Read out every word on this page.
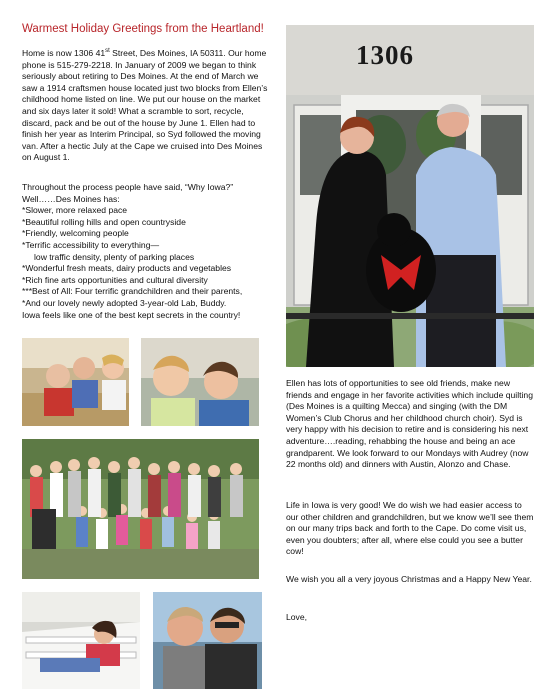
Warmest Holiday Greetings from the Heartland!

Home is now 1306 41st Street, Des Moines, IA 50311. Our home phone is 515-279-2218. In January of 2009 we began to think seriously about retiring to Des Moines. At the end of March we saw a 1914 craftsmen house located just two blocks from Ellen’s childhood home listed on line. We put our house on the market and six days later it sold! What a scramble to sort, recycle, discard, pack and be out of the house by June 1. Ellen had to finish her year as Interim Principal, so Syd followed the moving van. After a hectic July at the Cape we cruised into Des Moines on August 1.

Throughout the process people have said, “Why Iowa?”
Well……Des Moines has:
*Slower, more relaxed pace
*Beautiful rolling hills and open countryside
*Friendly, welcoming people
*Terrific accessibility to everything—
low traffic density, plenty of parking places
*Wonderful fresh meats, dairy products and vegetables
*Rich fine arts opportunities and cultural diversity
***Best of All: Four terrific grandchildren and their parents,
*And our lovely newly adopted 3-year-old Lab, Buddy.
Iowa feels like one of the best kept secrets in the country!
1306
Ellen has lots of opportunities to see old friends, make new friends and engage in her favorite activities which include quilting (Des Moines is a quilting Mecca) and singing (with the DM Women’s Club Chorus and her childhood church choir). Syd is very happy with his decision to retire and is considering his next adventure….reading, rehabbing the house and being an ace grandparent. We look forward to our Mondays with Audrey (now 22 months old) and dinners with Austin, Alonzo and Chase.
Life in Iowa is very good! We do wish we had easier access to our other children and grandchildren, but we know we’ll see them on our many trips back and forth to the Cape. Do come visit us, even you doubters; after all, where else could you see a butter cow!
We wish you all a very joyous Christmas and a Happy New Year.
Love,
